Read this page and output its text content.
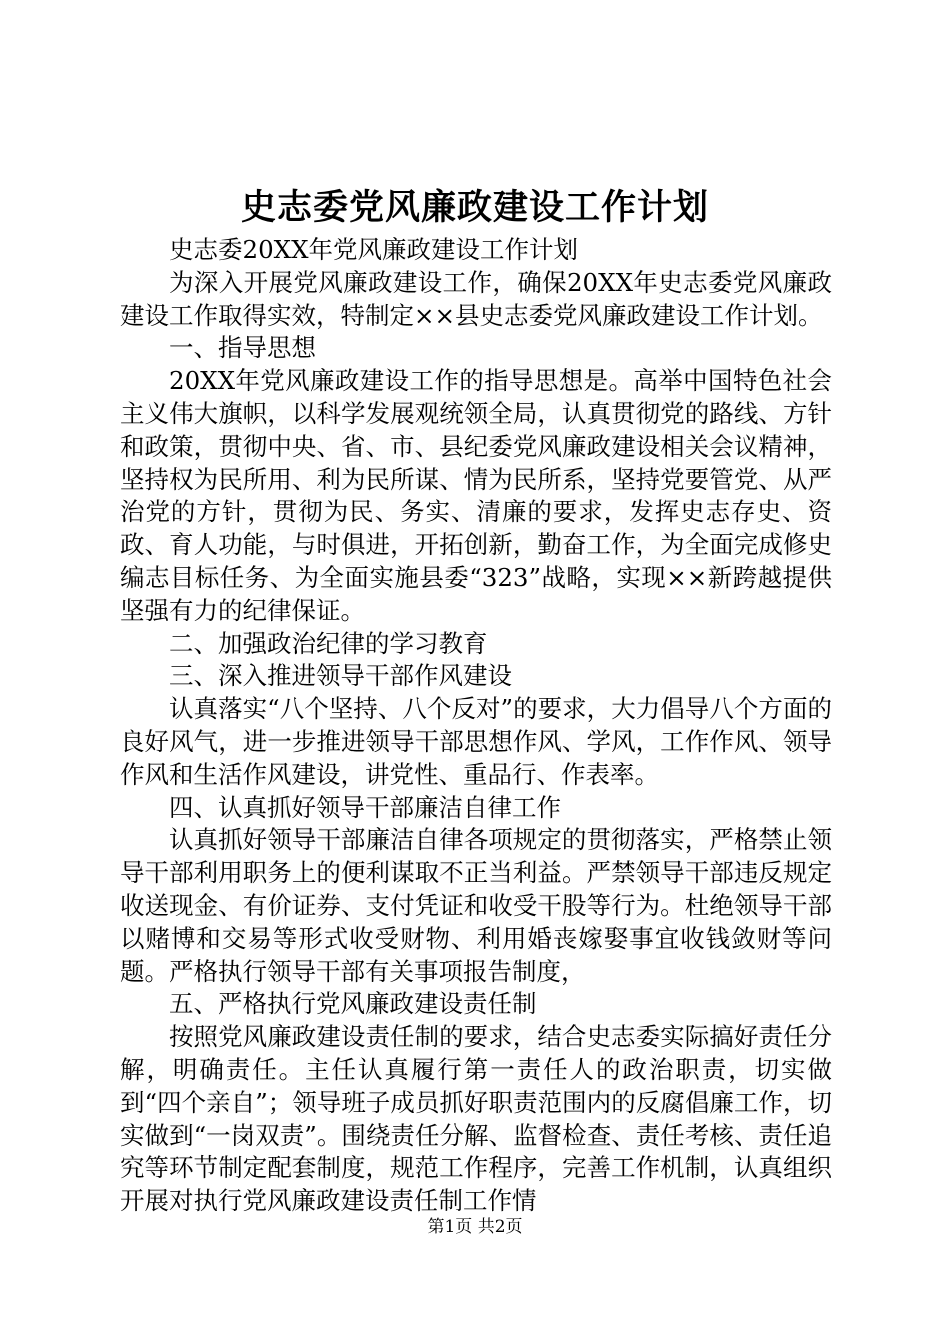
史志委党风廉政建设工作计划

史志委20XX年党风廉政建设工作计划

为深入开展党风廉政建设工作，确保20XX年史志委党风廉政建设工作取得实效，特制定××县史志委党风廉政建设工作计划。

一、指导思想

20XX年党风廉政建设工作的指导思想是。高举中国特色社会主义伟大旗帜，以科学发展观统领全局，认真贯彻党的路线、方针和政策，贯彻中央、省、市、县纪委党风廉政建设相关会议精神，坚持权为民所用、利为民所谋、情为民所系，坚持党要管党、从严治党的方针，贯彻为民、务实、清廉的要求，发挥史志存史、资政、育人功能，与时俱进，开拓创新，勤奋工作，为全面完成修史编志目标任务、为全面实施县委“323”战略，实现××新跨越提供坚强有力的纪律保证。

二、加强政治纪律的学习教育

三、深入推进领导干部作风建设

认真落实“八个坚持、八个反对”的要求，大力倡导八个方面的良好风气，进一步推进领导干部思想作风、学风，工作作风、领导作风和生活作风建设，讲党性、重品行、作表率。

四、认真抓好领导干部廉洁自律工作

认真抓好领导干部廉洁自律各项规定的贯彻落实，严格禁止领导干部利用职务上的便利谋取不正当利益。严禁领导干部违反规定收送现金、有价证券、支付凭证和收受干股等行为。杜绝领导干部以赌博和交易等形式收受财物、利用婚丧嫁娶事宜收钱敛财等问题。严格执行领导干部有关事项报告制度，

五、严格执行党风廉政建设责任制

按照党风廉政建设责任制的要求，结合史志委实际搞好责任分解，明确责任。主任认真履行第一责任人的政治职责，切实做到“四个亲自”；领导班子成员抓好职责范围内的反腐倡廉工作，切实做到“一岗双责”。围绕责任分解、监督检查、责任考核、责任追究等环节制定配套制度，规范工作程序，完善工作机制，认真组织开展对执行党风廉政建设责任制工作情

第1页 共2页
